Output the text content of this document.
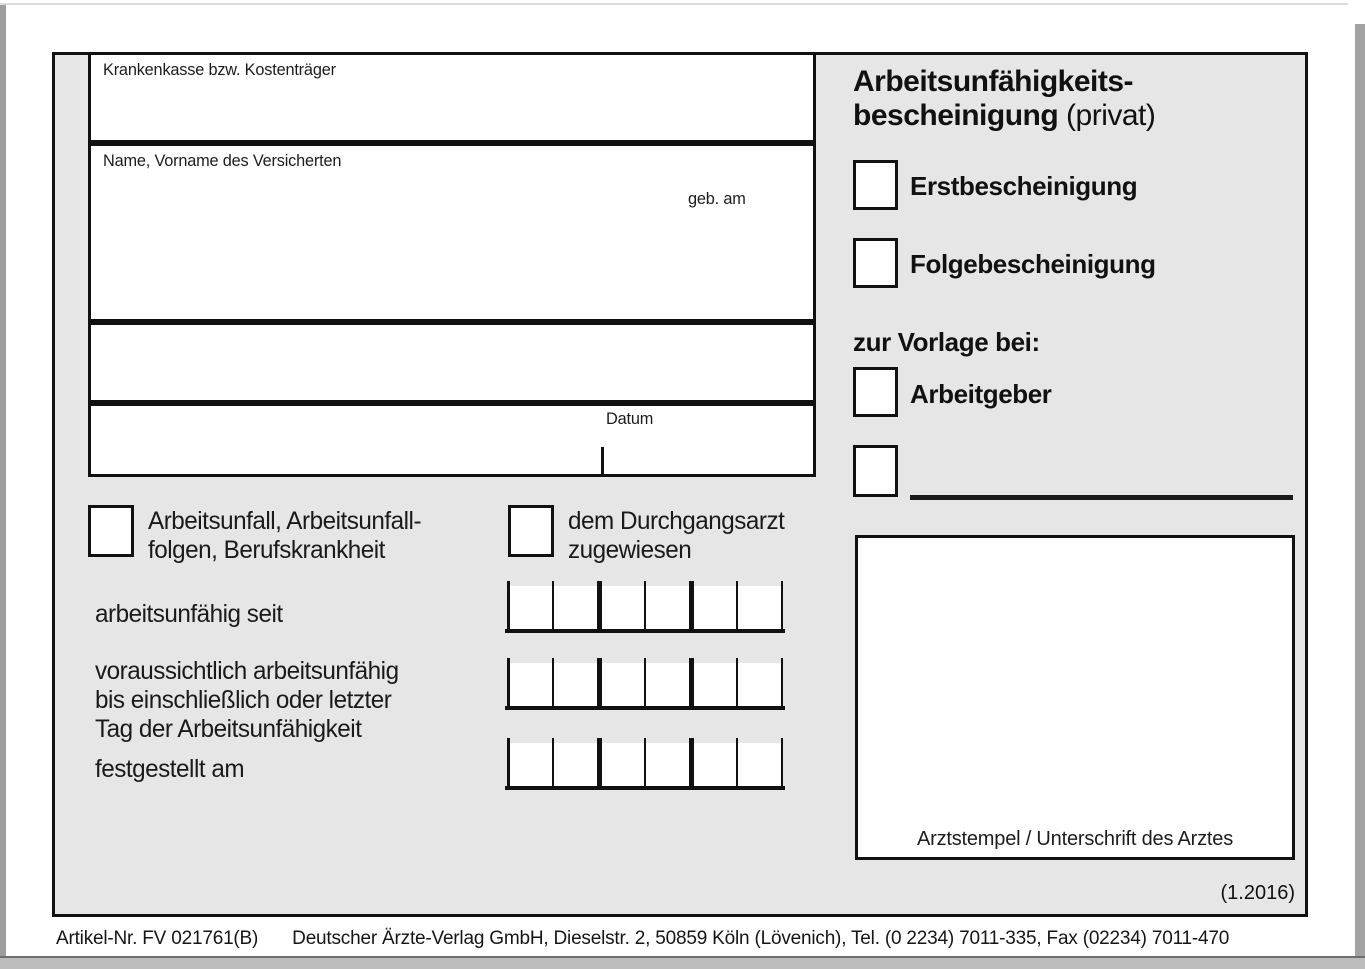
Krankenkasse bzw. Kostenträger
Name, Vorname des Versicherten
geb. am
Datum
Arbeitsunfähigkeits-
bescheinigung (privat)
Erstbescheinigung
Folgebescheinigung
zur Vorlage bei:
Arbeitgeber
Arztstempel / Unterschrift des Arztes
(1.2016)
Arbeitsunfall, Arbeitsunfall-
folgen, Berufskrankheit
dem Durchgangsarzt
zugewiesen
arbeitsunfähig seit
voraussichtlich arbeitsunfähig
bis einschließlich oder letzter
Tag der Arbeitsunfähigkeit
festgestellt am
Artikel-Nr. FV 021761(B) Deutscher Ärzte-Verlag GmbH, Dieselstr. 2, 50859 Köln (Lövenich), Tel. (0 2234) 7011-335, Fax (02234) 7011-470
